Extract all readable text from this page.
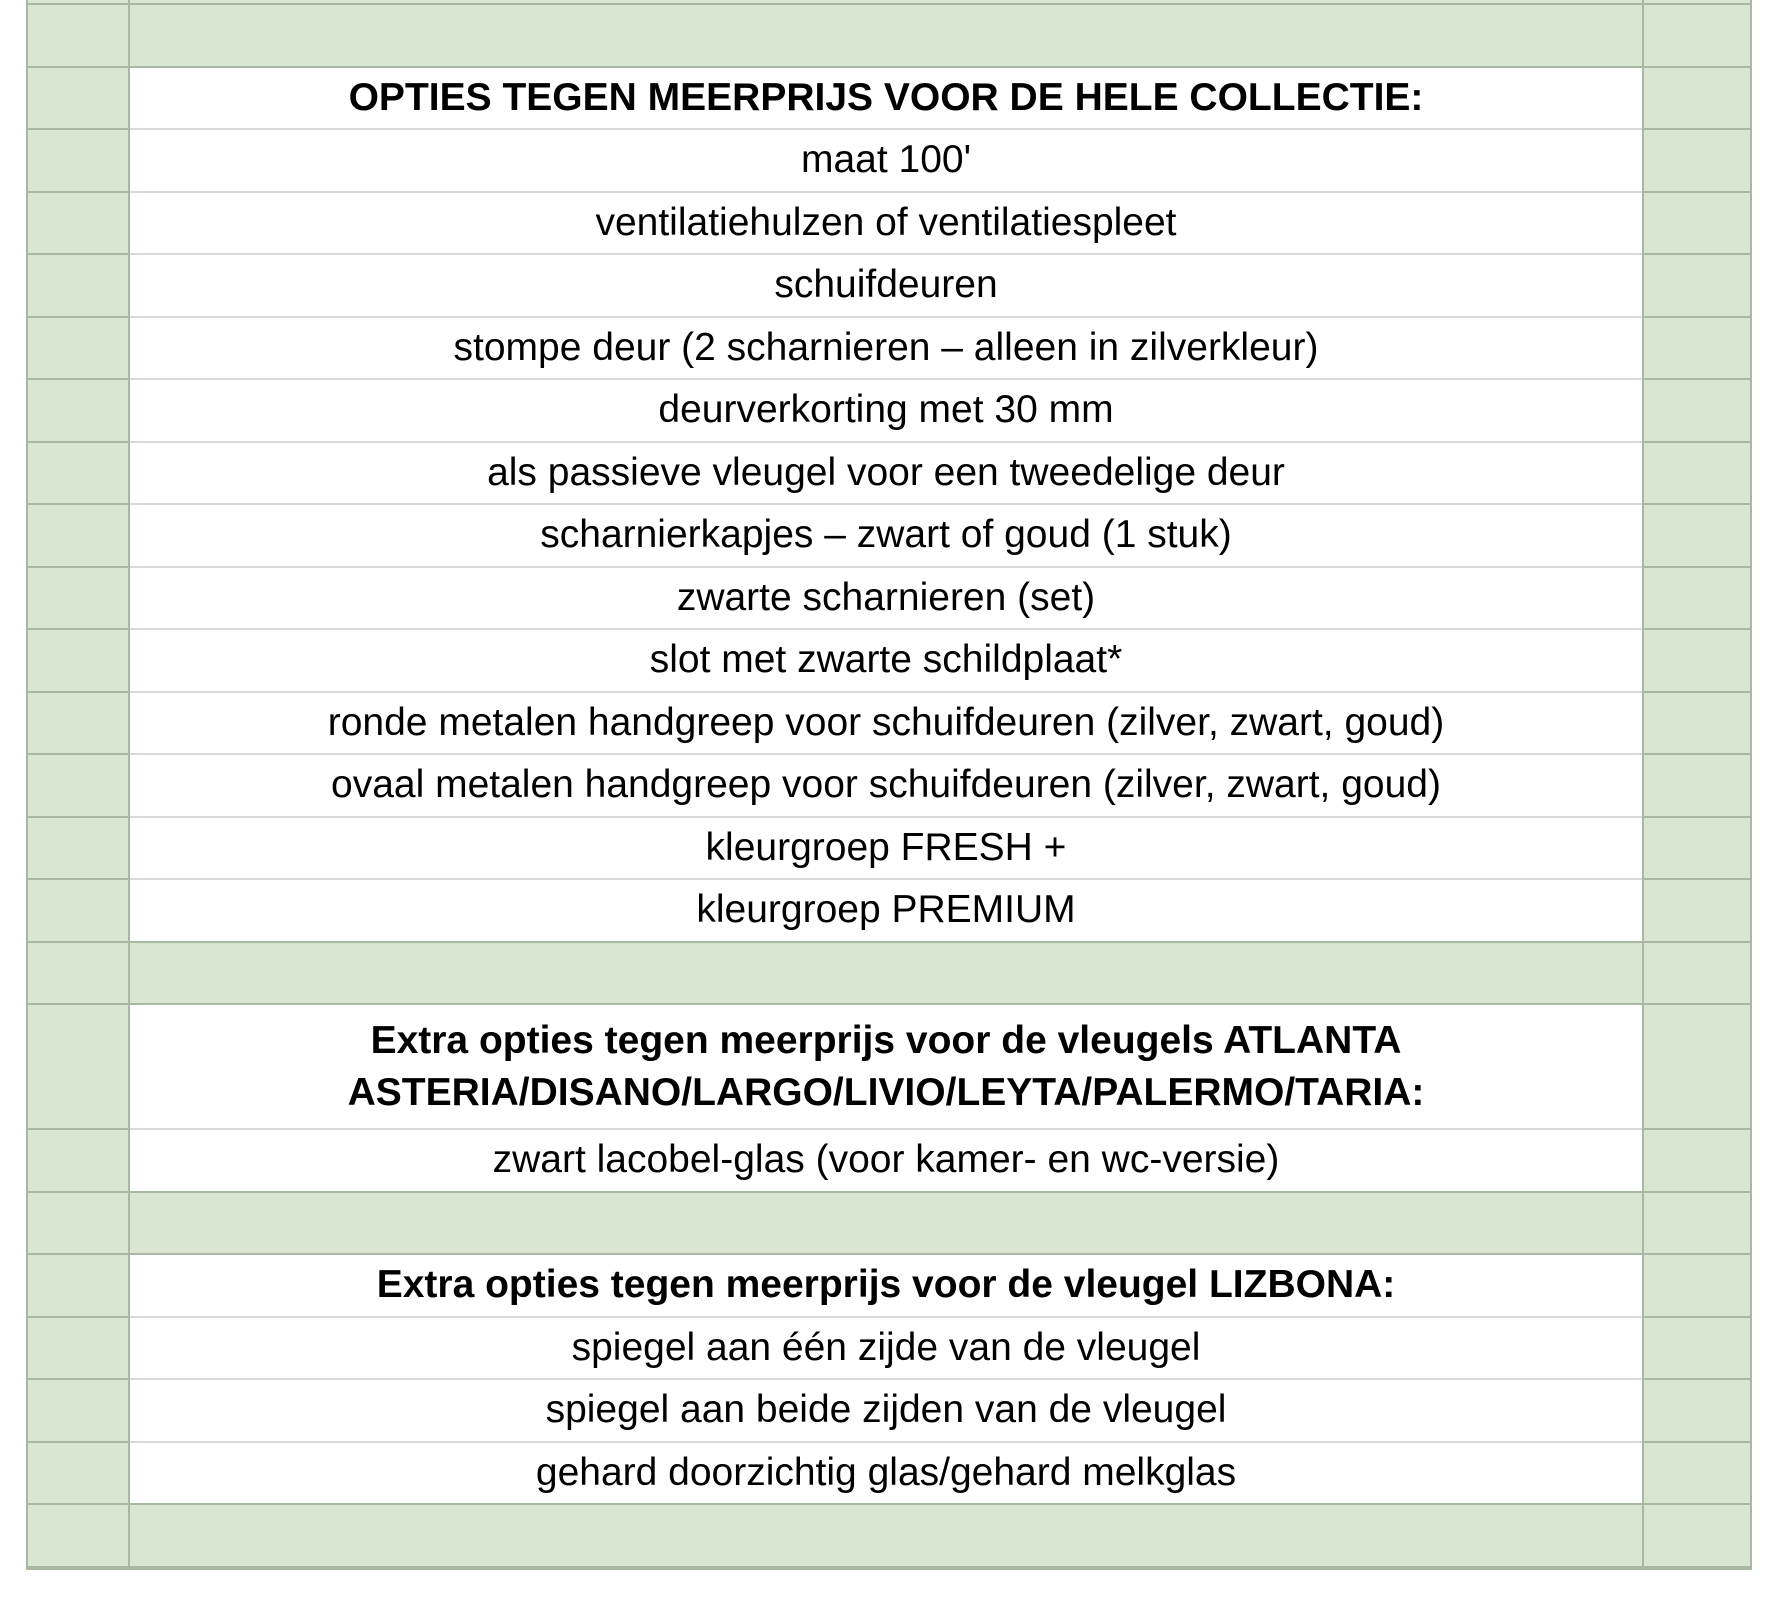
OPTIES TEGEN MEERPRIJS VOOR DE HELE COLLECTIE:
maat 100'
ventilatiehulzen of ventilatiespleet
schuifdeuren
stompe deur (2 scharnieren – alleen in zilverkleur)
deurverkorting met 30 mm
als passieve vleugel voor een tweedelige deur
scharnierkapjes – zwart of goud (1 stuk)
zwarte scharnieren (set)
slot met zwarte schildplaat*
ronde metalen handgreep voor schuifdeuren (zilver, zwart, goud)
ovaal metalen handgreep voor schuifdeuren (zilver, zwart, goud)
kleurgroep FRESH +
kleurgroep PREMIUM
Extra opties tegen meerprijs voor de vleugels ATLANTA ASTERIA/DISANO/LARGO/LIVIO/LEYTA/PALERMO/TARIA:
zwart lacobel-glas (voor kamer- en wc-versie)
Extra opties tegen meerprijs voor de vleugel LIZBONA:
spiegel aan één zijde van de vleugel
spiegel aan beide zijden van de vleugel
gehard doorzichtig glas/gehard melkglas
